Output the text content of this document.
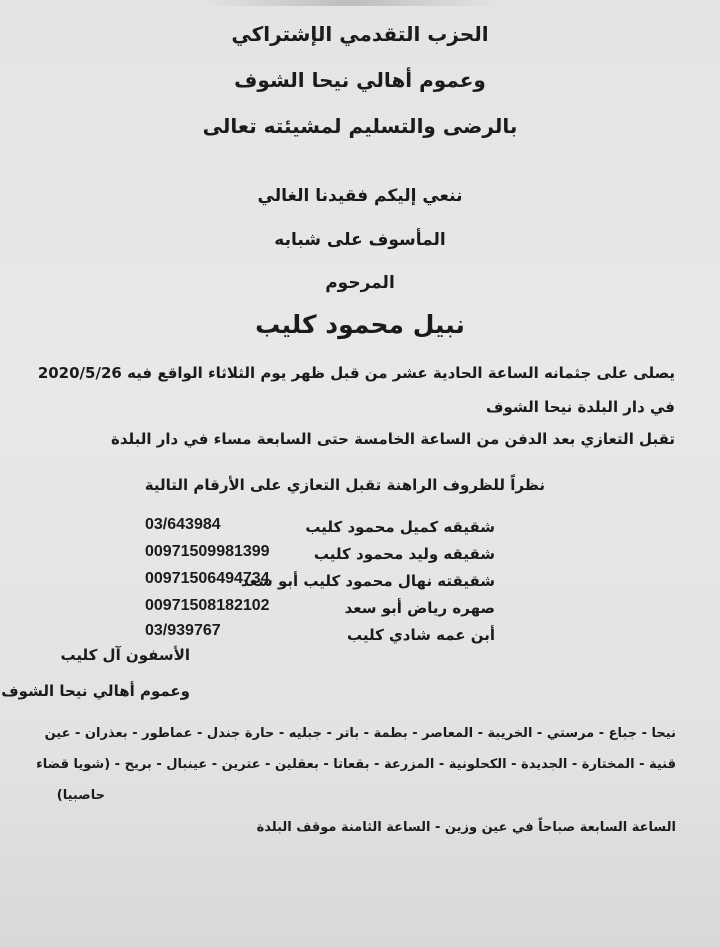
الحزب التقدمي الإشتراكي
وعموم أهالي نيحا الشوف
بالرضى والتسليم لمشيئته تعالى
ننعي إليكم فقيدنا الغالي
المأسوف على شبابه
المرحوم
نبيل محمود كليب
يصلى على جثمانه الساعة الحادية عشر من قبل ظهر يوم الثلاثاء الواقع فيه 2020/5/26
في دار البلدة نيحا الشوف
تقبل التعازي بعد الدفن من الساعة الخامسة حتى السابعة مساء في دار البلدة
نظراً للظروف الراهنة تقبل التعازي على الأرقام التالية
شقيقه كميل محمود كليب
03/643984
شقيقه وليد محمود كليب
00971509981399
شقيقته نهال محمود كليب أبو سعد
00971506494734
صهره رياض أبو سعد
00971508182102
أبن عمه شادي كليب
03/939767
الأسفون آل كليب
وعموم أهالي نيحا الشوف
نيحا - جباع - مرستي - الخريبة - المعاصر - بطمة - باتر - جبليه - حارة جندل - عماطور - بعذران - عين
قنية - المختارة - الجديدة - الكحلونية - المزرعة - بقعاتا - بعقلين - عترين - عينبال - بريح - (شويا قضاء
حاصبيا)
الساعة السابعة صباحاً في عين وزين - الساعة الثامنة موقف البلدة
